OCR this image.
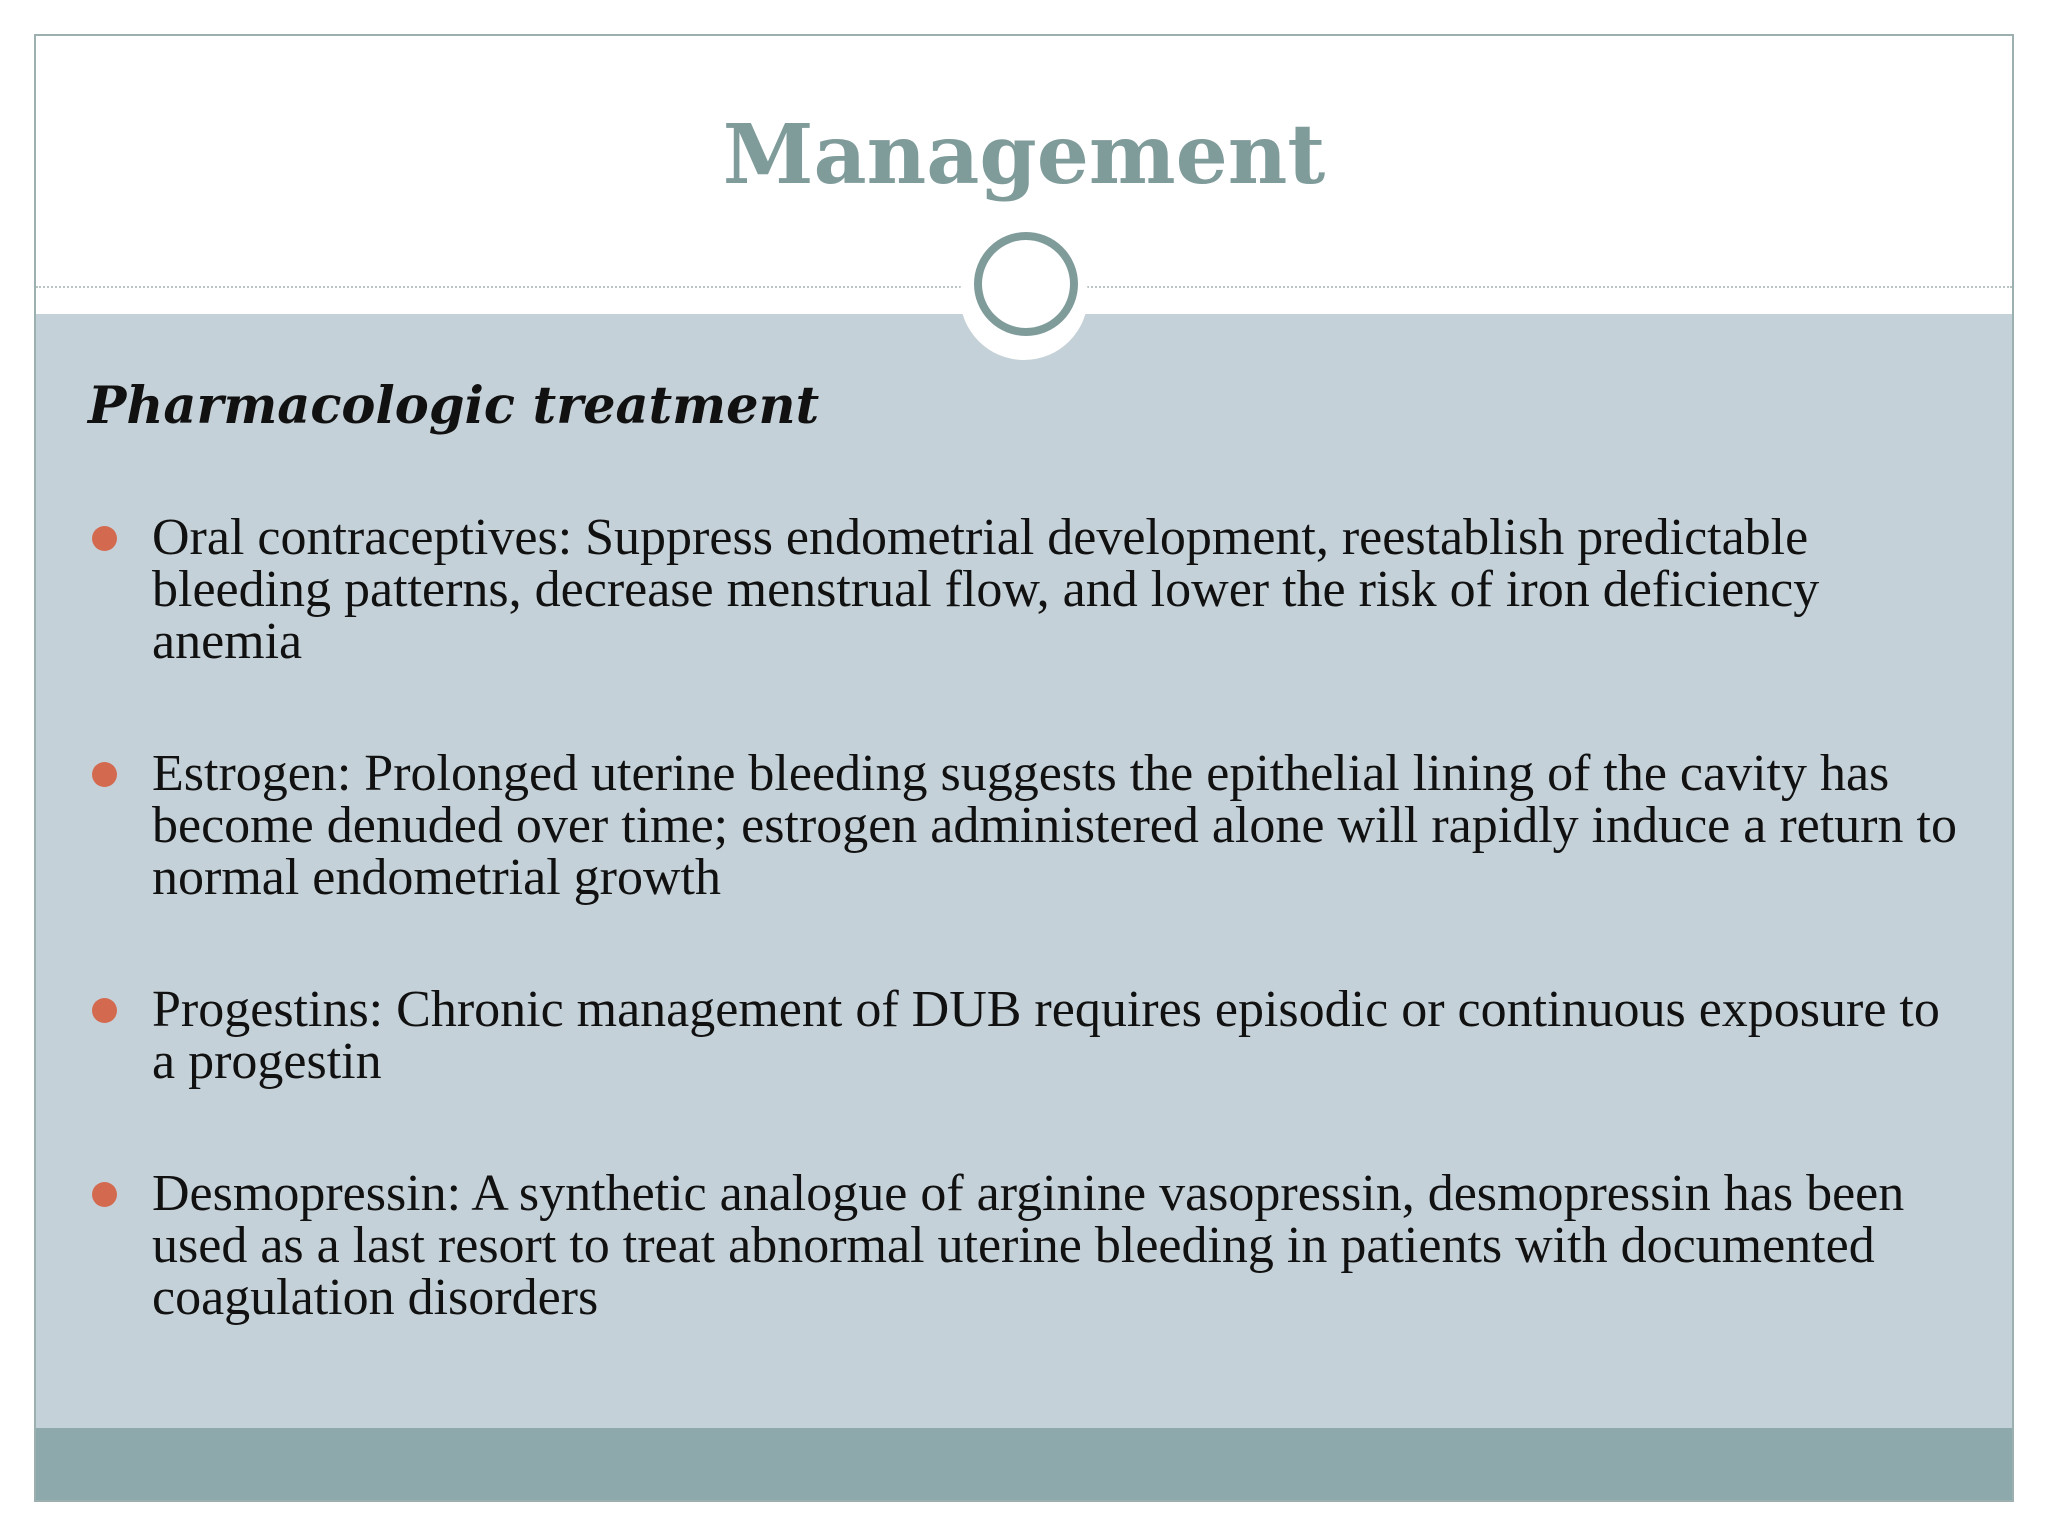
Management
Pharmacologic treatment
Oral contraceptives: Suppress endometrial development, reestablish predictable bleeding patterns, decrease menstrual flow, and lower the risk of iron deficiency anemia
Estrogen: Prolonged uterine bleeding suggests the epithelial lining of the cavity has become denuded over time; estrogen administered alone will rapidly induce a return to normal endometrial growth
Progestins: Chronic management of DUB requires episodic or continuous exposure to a progestin
Desmopressin: A synthetic analogue of arginine vasopressin, desmopressin has been used as a last resort to treat abnormal uterine bleeding in patients with documented coagulation disorders
